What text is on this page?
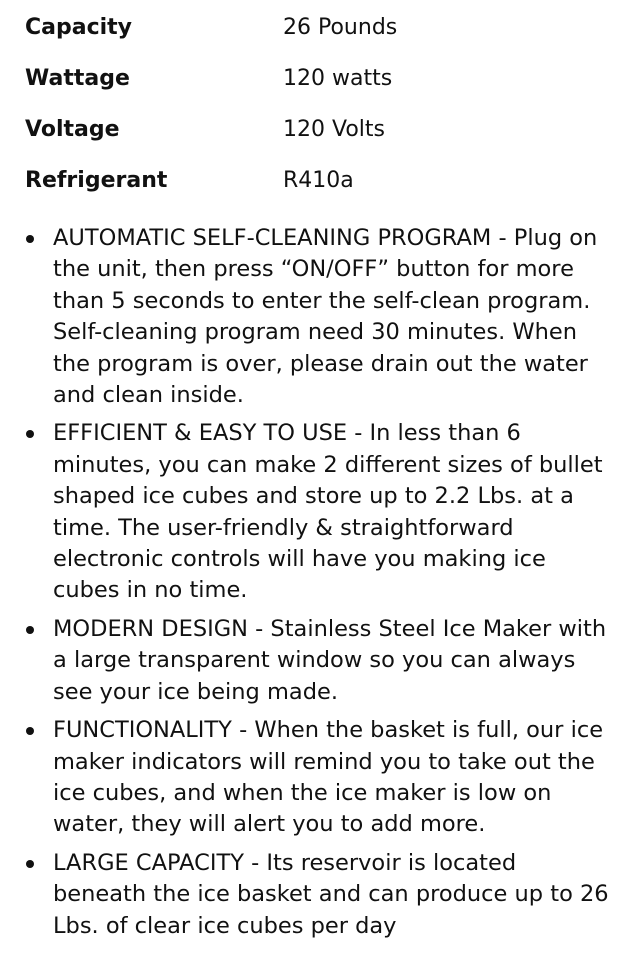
Capacity	26 Pounds
Wattage	120 watts
Voltage	120 Volts
Refrigerant	R410a
AUTOMATIC SELF-CLEANING PROGRAM - Plug on the unit, then press “ON/OFF” button for more than 5 seconds to enter the self-clean program. Self-cleaning program need 30 minutes. When the program is over, please drain out the water and clean inside.
EFFICIENT & EASY TO USE - In less than 6 minutes, you can make 2 different sizes of bullet shaped ice cubes and store up to 2.2 Lbs. at a time. The user-friendly & straightforward electronic controls will have you making ice cubes in no time.
MODERN DESIGN - Stainless Steel Ice Maker with a large transparent window so you can always see your ice being made.
FUNCTIONALITY - When the basket is full, our ice maker indicators will remind you to take out the ice cubes, and when the ice maker is low on water, they will alert you to add more.
LARGE CAPACITY - Its reservoir is located beneath the ice basket and can produce up to 26 Lbs. of clear ice cubes per day
